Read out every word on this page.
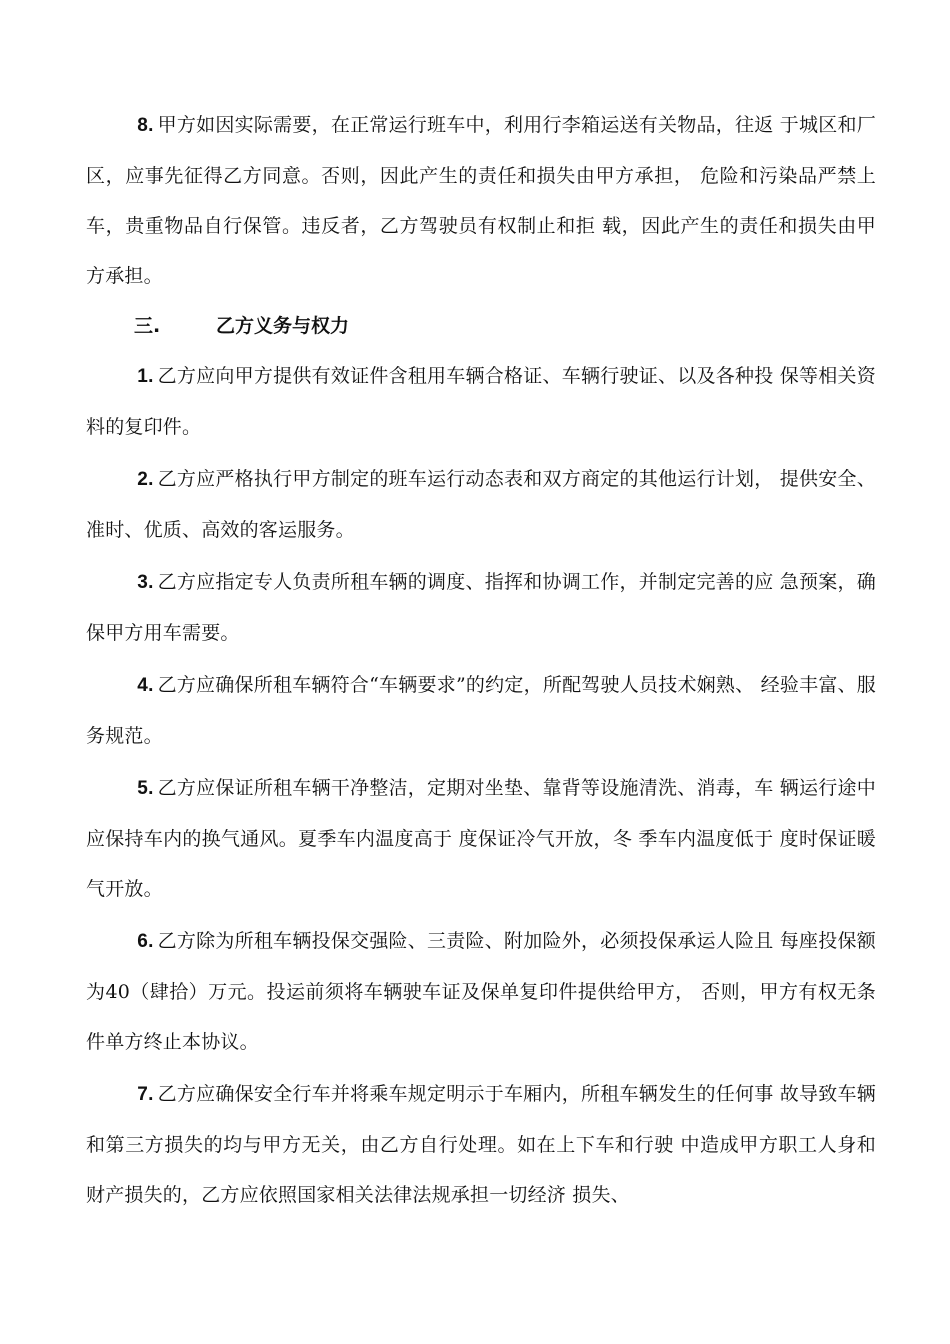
8. 甲方如因实际需要，在正常运行班车中，利用行李箱运送有关物品，往返 于城区和厂区，应事先征得乙方同意。否则，因此产生的责任和损失由甲方承担， 危险和污染品严禁上车，贵重物品自行保管。违反者，乙方驾驶员有权制止和拒 载，因此产生的责任和损失由甲方承担。

三.	乙方义务与权力

1. 乙方应向甲方提供有效证件含租用车辆合格证、车辆行驶证、以及各种投 保等相关资料的复印件。

2. 乙方应严格执行甲方制定的班车运行动态表和双方商定的其他运行计划， 提供安全、准时、优质、高效的客运服务。

3. 乙方应指定专人负责所租车辆的调度、指挥和协调工作，并制定完善的应 急预案，确保甲方用车需要。

4. 乙方应确保所租车辆符合“车辆要求”的约定，所配驾驶人员技术娴熟、 经验丰富、服务规范。

5. 乙方应保证所租车辆干净整洁，定期对坐垫、靠背等设施清洗、消毒，车 辆运行途中应保持车内的换气通风。夏季车内温度高于 度保证冷气开放，冬 季车内温度低于 度时保证暖气开放。

6. 乙方除为所租车辆投保交强险、三责险、附加险外，必须投保承运人险且 每座投保额为40（肆拾）万元。投运前须将车辆驶车证及保单复印件提供给甲方， 否则，甲方有权无条件单方终止本协议。

7. 乙方应确保安全行车并将乘车规定明示于车厢内，所租车辆发生的任何事 故导致车辆和第三方损失的均与甲方无关，由乙方自行处理。如在上下车和行驶 中造成甲方职工人身和财产损失的，乙方应依照国家相关法律法规承担一切经济 损失、
